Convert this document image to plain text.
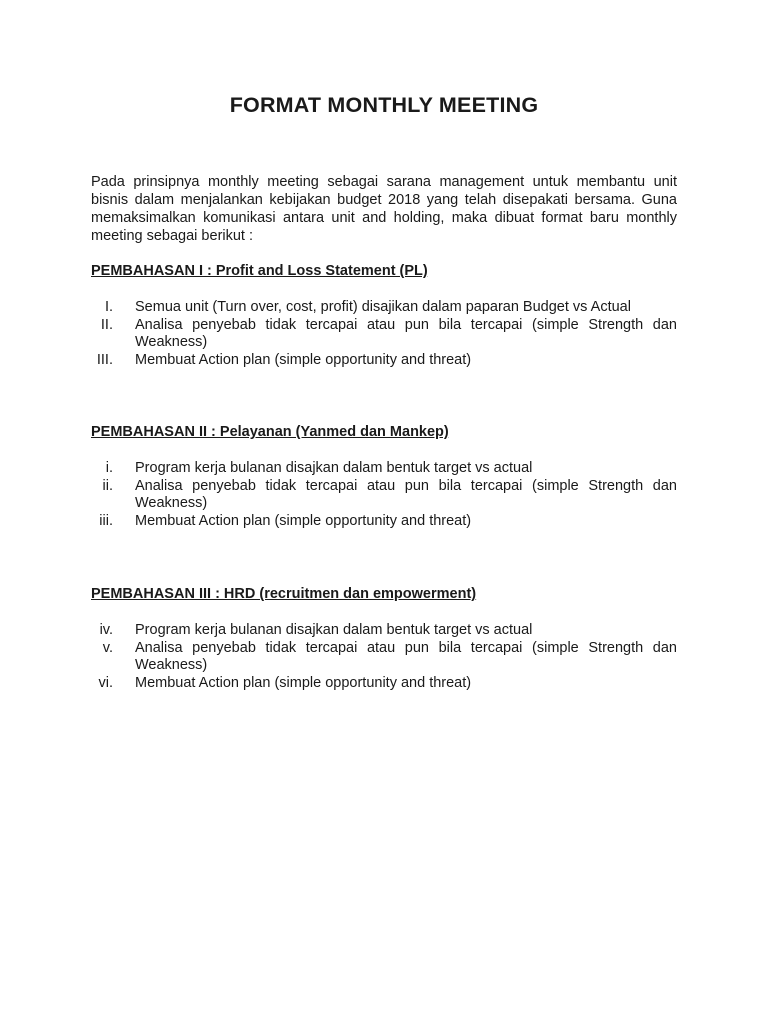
FORMAT MONTHLY MEETING

Pada prinsipnya monthly meeting sebagai sarana management untuk membantu unit bisnis dalam menjalankan kebijakan budget 2018 yang telah disepakati bersama. Guna memaksimalkan komunikasi antara unit and holding, maka dibuat format baru monthly meeting sebagai berikut :

PEMBAHASAN I : Profit and Loss Statement (PL)

I. Semua unit (Turn over, cost, profit) disajikan dalam paparan Budget vs Actual
II. Analisa penyebab tidak tercapai atau pun bila tercapai (simple Strength dan Weakness)
III. Membuat Action plan (simple opportunity and threat)

PEMBAHASAN II : Pelayanan (Yanmed dan Mankep)

i. Program kerja bulanan disajkan dalam bentuk target vs actual
ii. Analisa penyebab tidak tercapai atau pun bila tercapai (simple Strength dan Weakness)
iii. Membuat Action plan (simple opportunity and threat)

PEMBAHASAN III : HRD (recruitmen dan empowerment)

iv. Program kerja bulanan disajkan dalam bentuk target vs actual
v. Analisa penyebab tidak tercapai atau pun bila tercapai (simple Strength dan Weakness)
vi. Membuat Action plan (simple opportunity and threat)
